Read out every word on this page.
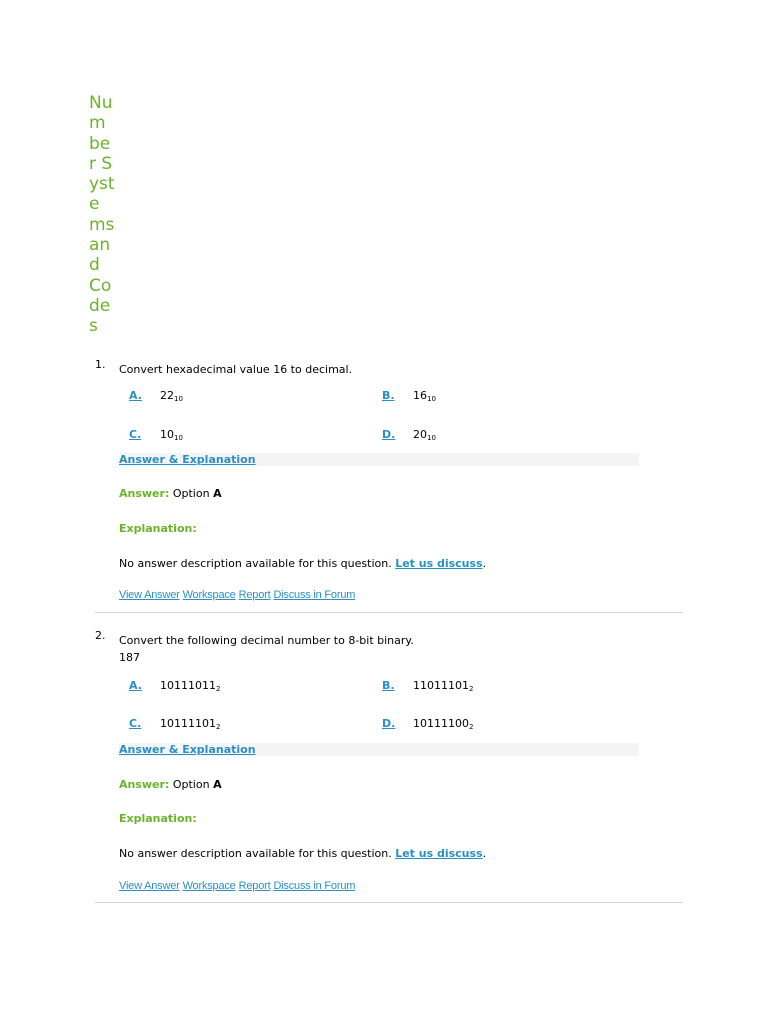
Number Systems and Codes
1. Convert hexadecimal value 16 to decimal.
A. $22_{10}$	B. $16_{10}$
C. $10_{10}$	D. $20_{10}$
Answer & Explanation
Answer: Option A
Explanation:
No answer description available for this question. Let us discuss.
View Answer Workspace Report Discuss in Forum
2. Convert the following decimal number to 8-bit binary.
187
A. $10111011_2$	B. $11011101_2$
C. $10111101_2$	D. $10111100_2$
Answer & Explanation
Answer: Option A
Explanation:
No answer description available for this question. Let us discuss.
View Answer Workspace Report Discuss in Forum
